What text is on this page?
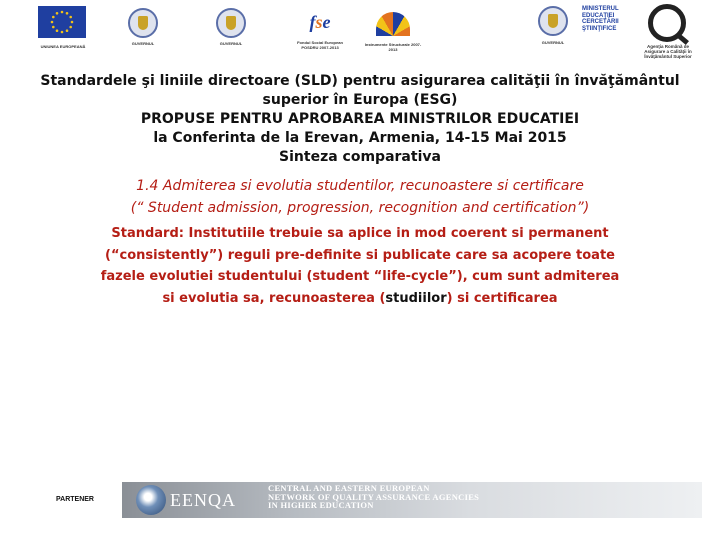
UNIUNEA EUROPEANĂ
GUVERNUL	GUVERNUL
fse
Fondul Social European POSDRU 2007-2013
Instrumente Structurale 2007-2013
GUVERNUL
MINISTERUL EDUCAŢIEI CERCETĂRII ŞTIINŢIFICE
Agenţia Română de Asigurare a Calităţii în Învăţământul Superior

Standardele şi liniile directoare (SLD) pentru asigurarea calităţii în învăţământul

superior în Europa (ESG)

PROPUSE PENTRU APROBAREA MINISTRILOR EDUCATIEI

la Conferinta de la Erevan, Armenia, 14-15 Mai 2015

Sinteza comparativa

1.4 Admiterea si evolutia studentilor, recunoastere si certificare

(“ Student admission, progression, recognition and certification”)

Standard: Institutiile trebuie sa aplice in mod coerent si permanent (“consistently”) reguli pre-definite si publicate care sa acopere toate fazele evolutiei studentului (student “life-cycle”), cum sunt admiterea si evolutia sa, recunoasterea (studiilor) si certificarea

PARTENER	EENQA
CENTRAL AND EASTERN EUROPEAN
NETWORK OF QUALITY ASSURANCE AGENCIES
IN HIGHER EDUCATION
